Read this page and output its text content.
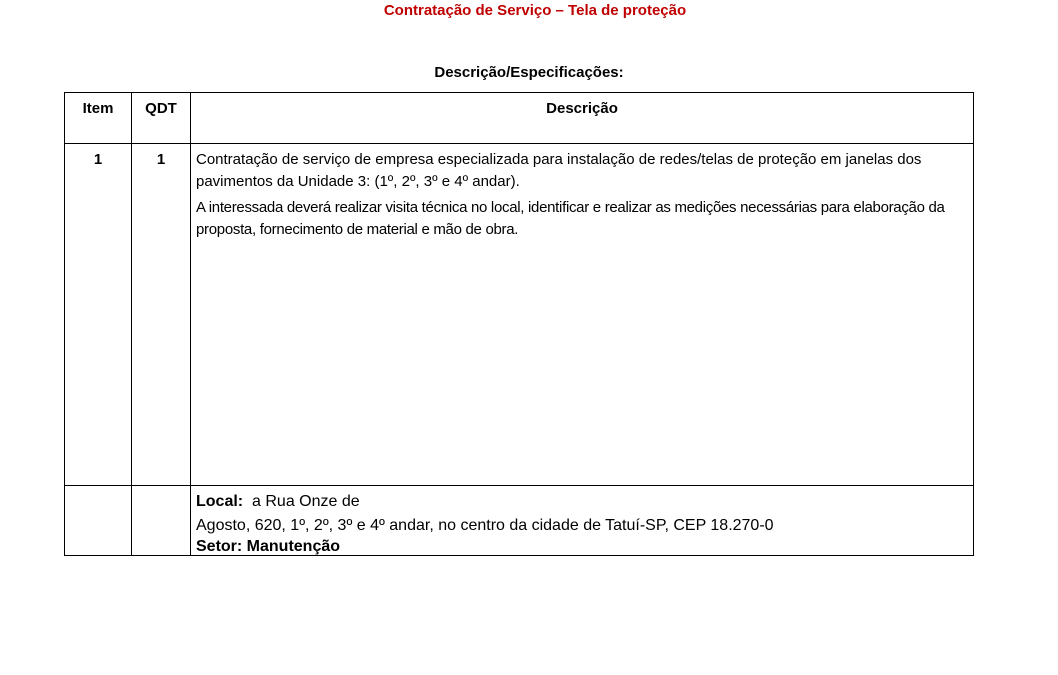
Contratação de Serviço – Tela de proteção
Descrição/Especificações:
Item	QDT	Descrição
1	1	Contratação de serviço de empresa especializada para instalação de redes/telas de proteção em janelas dos pavimentos da Unidade 3: (1º, 2º, 3º e 4º andar).

A interessada deverá realizar visita técnica no local, identificar e realizar as medições necessárias para elaboração da proposta, fornecimento de material e mão de obra.

		Local: a Rua Onze de
Agosto, 620, 1º, 2º, 3º e 4º andar, no centro da cidade de Tatuí-SP, CEP 18.270-0
Setor: Manutenção
